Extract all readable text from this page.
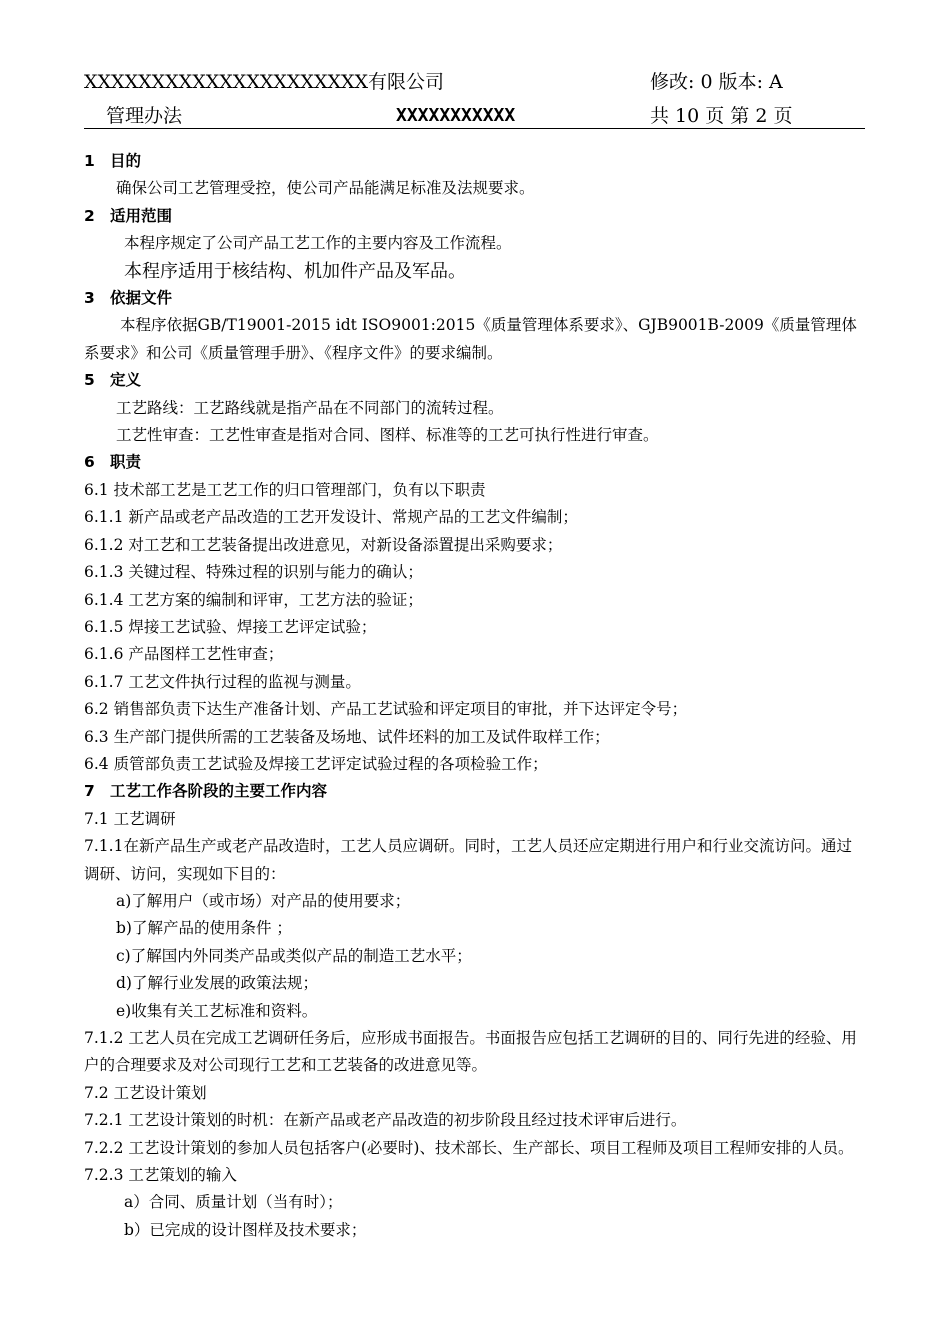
XXXXXXXXXXXXXXXXXXXXX有限公司	修改: 0 版本: A
管理办法	XXXXXXXXXXX	共 10 页 第 2 页
1 目的
确保公司工艺管理受控，使公司产品能满足标准及法规要求。
2 适用范围
本程序规定了公司产品工艺工作的主要内容及工作流程。
本程序适用于核结构、机加件产品及军品。
3 依据文件
本程序依据GB/T19001-2015 idt ISO9001:2015《质量管理体系要求》、GJB9001B-2009《质量管理体系要求》和公司《质量管理手册》、《程序文件》的要求编制。
5 定义
工艺路线：工艺路线就是指产品在不同部门的流转过程。
工艺性审查：工艺性审查是指对合同、图样、标准等的工艺可执行性进行审查。
6 职责
6.1 技术部工艺是工艺工作的归口管理部门，负有以下职责
6.1.1 新产品或老产品改造的工艺开发设计、常规产品的工艺文件编制；
6.1.2 对工艺和工艺装备提出改进意见，对新设备添置提出采购要求；
6.1.3 关键过程、特殊过程的识别与能力的确认；
6.1.4 工艺方案的编制和评审，工艺方法的验证；
6.1.5 焊接工艺试验、焊接工艺评定试验；
6.1.6 产品图样工艺性审查；
6.1.7 工艺文件执行过程的监视与测量。
6.2 销售部负责下达生产准备计划、产品工艺试验和评定项目的审批，并下达评定令号；
6.3 生产部门提供所需的工艺装备及场地、试件坯料的加工及试件取样工作；
6.4 质管部负责工艺试验及焊接工艺评定试验过程的各项检验工作；
7 工艺工作各阶段的主要工作内容
7.1 工艺调研
7.1.1在新产品生产或老产品改造时，工艺人员应调研。同时，工艺人员还应定期进行用户和行业交流访问。通过调研、访问，实现如下目的：
a)了解用户（或市场）对产品的使用要求；
b)了解产品的使用条件 ；
c)了解国内外同类产品或类似产品的制造工艺水平；
d)了解行业发展的政策法规；
e)收集有关工艺标准和资料。
7.1.2 工艺人员在完成工艺调研任务后，应形成书面报告。书面报告应包括工艺调研的目的、同行先进的经验、用户的合理要求及对公司现行工艺和工艺装备的改进意见等。
7.2 工艺设计策划
7.2.1 工艺设计策划的时机：在新产品或老产品改造的初步阶段且经过技术评审后进行。
7.2.2 工艺设计策划的参加人员包括客户(必要时)、技术部长、生产部长、项目工程师及项目工程师安排的人员。
7.2.3 工艺策划的输入
a）合同、质量计划（当有时）；
b）已完成的设计图样及技术要求；
